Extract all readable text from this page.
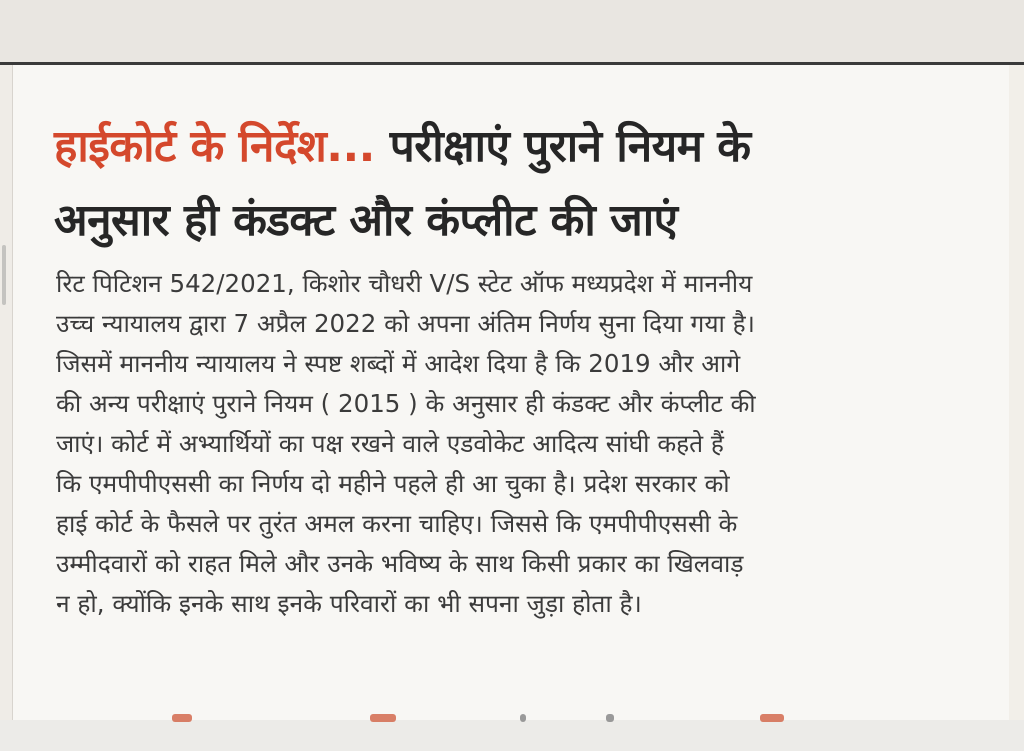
हाईकोर्ट के निर्देश... परीक्षाएं पुराने नियम के
अनुसार ही कंडक्ट और कंप्लीट की जाएं

रिट पिटिशन 542/2021, किशोर चौधरी V/S स्टेट ऑफ मध्यप्रदेश में माननीय
उच्च न्यायालय द्वारा 7 अप्रैल 2022 को अपना अंतिम निर्णय सुना दिया गया है।
जिसमें माननीय न्यायालय ने स्पष्ट शब्दों में आदेश दिया है कि 2019 और आगे
की अन्य परीक्षाएं पुराने नियम ( 2015 ) के अनुसार ही कंडक्ट और कंप्लीट की
जाएं। कोर्ट में अभ्यार्थियों का पक्ष रखने वाले एडवोकेट आदित्य सांघी कहते हैं
कि एमपीपीएससी का निर्णय दो महीने पहले ही आ चुका है। प्रदेश सरकार को
हाई कोर्ट के फैसले पर तुरंत अमल करना चाहिए। जिससे कि एमपीपीएससी के
उम्मीदवारों को राहत मिले और उनके भविष्य के साथ किसी प्रकार का खिलवाड़
न हो, क्योंकि इनके साथ इनके परिवारों का भी सपना जुड़ा होता है।
